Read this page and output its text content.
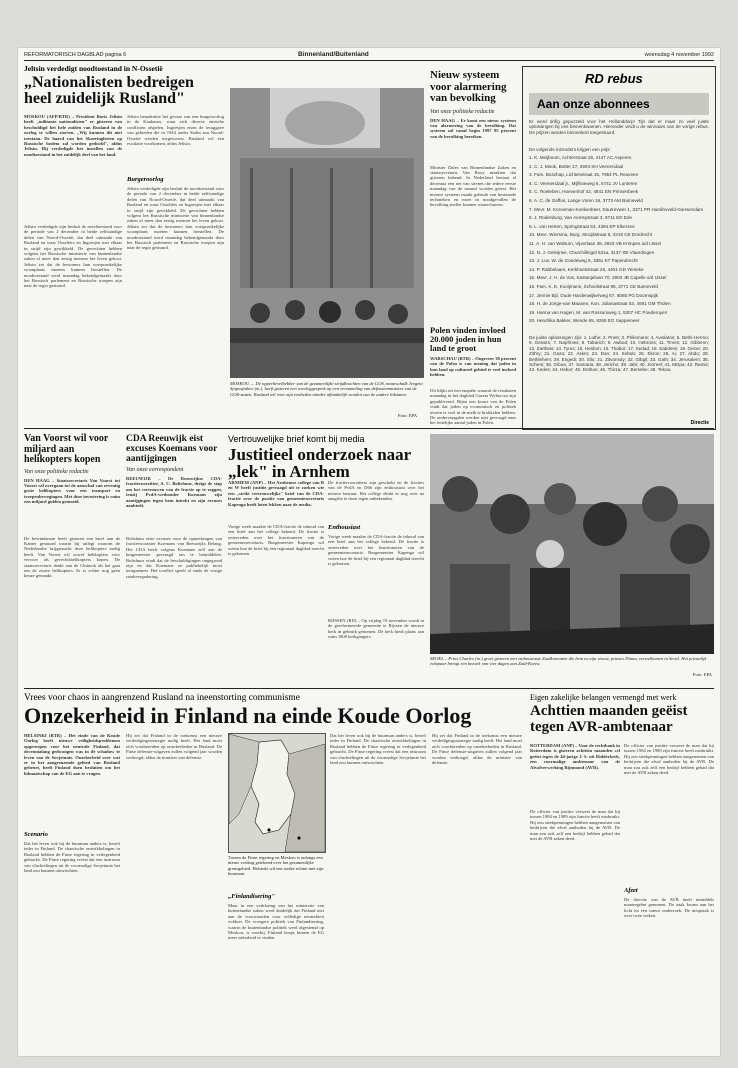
REFORMATORISCH DAGBLAD pagina 6	Binnenland/Buitenland	woensdag 4 november 1992
Jeltsin verdedigt noodtoestand in N-Ossetië
„Nationalisten bedreigen heel zuidelijk Rusland"
MOSKOU (AFP/RTR) – President Boris Jeltsin heeft „militante nationalisten" er gisteren van beschuldigd het hele zuiden van Rusland in de oorlog te willen storten. „Wij kunnen dit niet toestaan. De haard van het Skoeringlesten op Russische bodem zal worden gedoofd", aldus Jeltsin. Hij verdedigde het instellen van de noodtoestand in het zuidelijk deel van het land.
Jeltsin verdedigde zijn besluit de noodtoestand voor de periode van 2 december in beide zelfstandige delen van Noord-Ossetië, dat deel uitmaakt van Rusland en waar Osseliërs en Ingoesjen met elkaar in strijd zijn gewikkeld. De gevechten hebben volgens het Russische ministerie van binnenlandse zaken al meer dan zestig mensen het leven gekost. Jeltsin zei dat de bewoners hun oorspronkelijke woonplaats moeten kunnen herstellen. De noodtoestand werd maandag bekendgemaakt door het Russisch parlement en Russische troepen zijn naar de regio gestuurd.
Jeltsin benadrukte het gevaar van een burgeroorlog in de Kaukasus, waar zich diverse etnische conflicten afspelen. Ingoesjen eisen de teruggave van gebieden die in 1944 onder Stalin aan Noord-Ossetië werden toegewezen. Rusland wil een escalatie voorkomen, aldus Jeltsin.
Burgeroorlog
Jeltsin verdedigde zijn besluit de noodtoestand voor de periode van 2 december in beide zelfstandige delen van Noord-Ossetië, dat deel uitmaakt van Rusland en waar Osseliërs en Ingoesjen met elkaar in strijd zijn gewikkeld. De gevechten hebben volgens het Russische ministerie van binnenlandse zaken al meer dan zestig mensen het leven gekost. Jeltsin zei dat de bewoners hun oorspronkelijke woonplaats moeten kunnen herstellen. De noodtoestand werd maandag bekendgemaakt door het Russisch parlement en Russische troepen zijn naar de regio gestuurd.
MOSKOU — De opperbevelhebber van de gezamenlijke strijdkrachten van de GOS, maarschalk Jevgeni Sjaposjnikov (m.), heeft gisteren een overleggesprek op een verzameling van defensieministers van de GOS-staten. Rusland wil voor zijn eenheden minder afhankelijk worden van de andere lidstaten.
Foto: EPA
Nieuw systeem voor alarmering van bevolking
Van onze politieke redactie
DEN HAAG – Er komt een nieuw systeem van alarmering van de bevolking. Dat systeem zal vanaf begin 1997 95 procent van de bevolking bereiken.
Minister Dales van Binnenlandse Zaken en staatssecretaris Van Rooy maakten dat gisteren bekend. In Nederland bestaat al decennia een net van sirenes die iedere eerste maandag van de maand worden getest. Het nieuwe systeem maakt gebruik van bestaande technieken en moet in noodgevallen de bevolking sneller kunnen waarschuwen.
Polen vinden invloed 20.000 joden in hun land te groot
WARSCHAU (RTR) – Ongeveer 38 procent van de Polen is van mening dat joden in hun land op cultureel gebied te veel invloed hebben.
Dit blijkt uit een enquête waaruit de resultaten maandag in het dagblad Gazeta Wyborcza zijn gepubliceerd. Bijna een kwart van de Polen vindt dat joden op economisch en politiek terrein te veel in de melk te brokkelen hebben. De ondervraagden werden niet gevraagd naar het feitelijke aantal joden in Polen.
RD rebus
Aan onze abonnees
Er werd drifig gepuzzeld voor het Hollanddorp! Tijn dat er maar zo veel juiste oplossingen bij ons binnenkwamen. Hieronder vindt u de winnaars van de vorige rebus. De prijzen worden binnenkort toegestuurd.
De volgende inzenders krijgen een prijs:
1. K. Meijboom, Achterstraat 26, 4147 AC Asperen
2. C. J. Mook, Botter 27, 3904 SH Veenendaal
3. Fam. Boschap, Lichtenstraat 15, 7954 PL Rouveen
4. C. Veenendaal jr., Mijlhoeweg 6, 6741 JV Lunteren
5. C. Roeleben, Hoevenhof 42, 4841 EN Prinsenbeek
6. A. C. de Gaffus, Lange Voren 19, 3773 AM Barneveld
7. Mevr. M. Korveman-Koekenbeer, Dautrevwer 1, 3371 PR Hardinxveld-Giessendam
8. J. Rodenburg, Van Aemsystraat 3, 6711 ED Ede
9. L. van Herten, Springstraat 53, 4394 EP Elkerzee
10. Mevr. Wiersma, Burg. Struijkstraat 8, 3319 CE Dordrecht
11. A. H. van Walsum, Vijverlaan 38, 2923 VB Krimpen a/d IJssel
12. N. J. Geleijnse, Churchillingel 531a, 3137 XB Vlaardingen
13. J. Lux, W. de Goedeweg 6, 3351 KT Papendrecht
14. P. Rabbelaars, Kerkhoekstraat 26, 4401 GD Yerseke
15. Mevr. J. H. de Vos, Kastanjelaan 70, 2903 JB Capelle a/d IJssel
16. Fam. K. E. Kooijmans, Schoolstraat 96, 3771 CE Barneveld
17. Jennie Bijl, Oude Hardenwijkerweg 87, 8085 PG Doornspijk
18. H. de Jonge-van Maanen, Kon. Julianastraat 53, 4691 GM Tholen
19. Hanna van Hagen, M. van Rossumweg 1, 5307 HC Poederoyen
20. Hendrika Bakker, Wende 65, 8265 EG Sappemeer
De juiste oplossingen zijn: 1. Luthe; 2. Prieti; 3. Philemaris; 4. Aviolatos; 5. Bethi-Hermo; 6. Gessim; 7. Napfmies; 8. Tabarich; 9. Awbod; 10. Hebrons; 11. Tirves; 12. Gibbenn; 13. Zartheis; 14. Tyrus; 15. Hesbon; 16. Thabor; 17. Sedad; 18. Sabdeim; 19. Gezer; 20. Zithry; 21. Gaza; 22. Askro; 23. Dan; 24. Kebob; 25. Ekron; 26. Ai; 27. Abdo; 28. Bethlehem; 29. Engedi; 30. Silo; 31. Zitvonsdy; 32. Gibgil; 33. Gath; 34. Jerusalem; 35. Schem; 36. Giboa; 37. Samaria; 38. Jericho; 39. Jabi; 40. Jezreel; 41. Mizpa; 42. Ramis; 43. Kedes; 44. Hebor; 45. Dothan; 46. Thirza; 47. Bersebe; 48. Tekoa.
Directie
Van Voorst wil voor miljard aan helikopters kopen
Van onze politieke redactie
DEN HAAG – Staatssecretaris Van Voorst tot Voorst wil overgaan tot de aanschaf van zeventig grote helikopters voor een transport en troepenbewegingen. Met deze investering is ruim een miljard gulden gemoeid.
De bewindsman heeft gisteren een brief aan de Kamer gestuurd waarin hij uitlegt waarom de Nederlandse krijgsmacht deze helikopters nodig heeft. Van Voorst wil zowel helikopters voor vervoer als gevechtshelikopters kopen. De staatssecretaris denkt aan de Chinook als het gaat om de zware helikopters. Er is echter nog geen keuze gemaakt.
CDA Reeuwijk eist excuses Koemans voor aantijgingen
Van onze correspondent
REEUWIJK – De Reeuwijkse CDA-fractievoorzitter, A. C. Boltshuur, dreigt de stap om het vertrouwen van de fractie op te zeggen, tenzij PvdA-wethouder Koemans zijn aantijgingen tegen hem intrekt en zijn excuses aanbiedt.
Boltshuur eiste excuses voor de opmerkingen van fractievoorzitter Koemans van Reeuwijks Belang. Het CDA heeft volgens Koemans zelf aan de burgemeester gevraagd om te bemiddelen. Boltshuur vindt dat de beschuldigingen ongegrond zijn en dat Koemans ze publiekelijk moet terugnemen. Het conflict speelt al sinds de vorige raadsvergadering.
Vertrouwelijke brief komt bij media
Justitieel onderzoek naar „lek" in Arnhem
ARNHEM (ANP) – Het Arnhemse college van B en W heeft justitie gevraagd uit te zoeken wie een „strikt vertrouwelijke" brief van de CDA-fractie over de positie van gemeentesecretaris Kapenga heeft laten lekken naar de media.
Vorige week maakte de CDA-fractie de inhoud van een brief aan het college bekend. De fractie is ontevreden over het functioneren van de gemeentesecretaris. Burgemeester Kapenga wil weten hoe de brief bij een regionaal dagblad terecht is gekomen.
De fractievoorzitters zijn geschokt en de fracties van de PvdA en D66 zijn enthousiast over het nieuwe bestuur. Het college denkt er nog over na aangifte te doen tegen onbekenden.
Enthousiast
Vorige week maakte de CDA-fractie de inhoud van een brief aan het college bekend. De fractie is ontevreden over het functioneren van de gemeentesecretaris. Burgemeester Kapenga wil weten hoe de brief bij een regionaal dagblad terecht is gekomen.
RIJSSEN (RD) – Op vrijdag 19 november wordt in de gereformeerde gemeente te Rijssen de nieuwe kerk in gebruik genomen. De kerk biedt plaats aan ruim 1800 kerkgangers.
SEOEL – Prins Charles (m.) groet gisteren met enthousiaste Zuidkoreanen die hem en zijn vrouw, prinses Diana, verwelkomen in Seoel. Het prinselijk echtpaar brengt een bezoek van vier dagen aan Zuid-Korea.
Foto: EPA
Vrees voor chaos in aangrenzend Rusland na ineenstorting communisme
Onzekerheid in Finland na einde Koude Oorlog
HELSINKI (RTR) – Het einde van de Koude Oorlog heeft nieuwe veiligheidsproblemen opgeroepen voor het neutrale Finland, dat decennialang gedwongen was in de schaduw te leven van de Sovjetunie. Onzekerheid over wat er in het aangrenzende gebied van Rusland gebeurt, heeft Finland doen besluiten om het lidmaatschap van de EG aan te vragen.
Scenario
Dat het leven ook bij de buurman anders is, beseft ieder in Finland. De chaotische ontwikkelingen in Rusland hebben de Finse regering in verlegenheid gebracht. De Finse regering vreest dat een instroom van vluchtelingen uit de voormalige Sovjetunie het land zou kunnen ontwrichten.
Hij zei dat Finland in de toekomst een nieuwe verdedigingsstrategie nodig heeft. Het land moet zich voorbereiden op onzekerheden in Rusland. De Finse defensie-uitgaven zullen volgend jaar worden verhoogd, aldus de minister van defensie.
Tussen de Finse regering en Moskou is onlangs een nieuw verdrag getekend over het gezamenlijke grensgebied. Helsinki wil een sterke relatie met zijn buurman.
„Finlandisering"
Maar in een verklaring van het ministerie van buitenlandse zaken werd duidelijk dat Finland niet aan de voorwaarden voor volledige neutraliteit voldoet. De vroegere politiek van Finlandisering, waarin de buitenlandse politiek werd afgestemd op Moskou, is voorbij. Finland hoopt binnen de EG meer zekerheid te vinden.
Dat het leven ook bij de buurman anders is, beseft ieder in Finland. De chaotische ontwikkelingen in Rusland hebben de Finse regering in verlegenheid gebracht. De Finse regering vreest dat een instroom van vluchtelingen uit de voormalige Sovjetunie het land zou kunnen ontwrichten.
Hij zei dat Finland in de toekomst een nieuwe verdedigingsstrategie nodig heeft. Het land moet zich voorbereiden op onzekerheden in Rusland. De Finse defensie-uitgaven zullen volgend jaar worden verhoogd, aldus de minister van defensie.
Eigen zakelijke belangen vermengd met werk
Achttien maanden geëist tegen AVR-ambtenaar
ROTTERDAM (ANP) – Voor de rechtbank in Rotterdam is gisteren achttien maanden cel geëist tegen de 44-jarige J. S. uit Ridderkerk, een voormalige ambtenaar van de Afvalverwerking Rijnmond (AVR).
De officier van justitie verweet de man dat hij tussen 1984 en 1989 zijn functie heeft misbruikt. Hij zou steekpenningen hebben aangenomen van bedrijven die afval aanboden bij de AVR. De man zou ook zelf een bedrijf hebben gehad dat met de AVR zaken deed.
De officier van justitie verweet de man dat hij tussen 1984 en 1989 zijn functie heeft misbruikt. Hij zou steekpenningen hebben aangenomen van bedrijven die afval aanboden bij de AVR. De man zou ook zelf een bedrijf hebben gehad dat met de AVR zaken deed.
Afzet
De directie van de AVR heeft inmiddels maatregelen genomen. De zaak kwam aan het licht na een intern onderzoek. De uitspraak is over twee weken.
